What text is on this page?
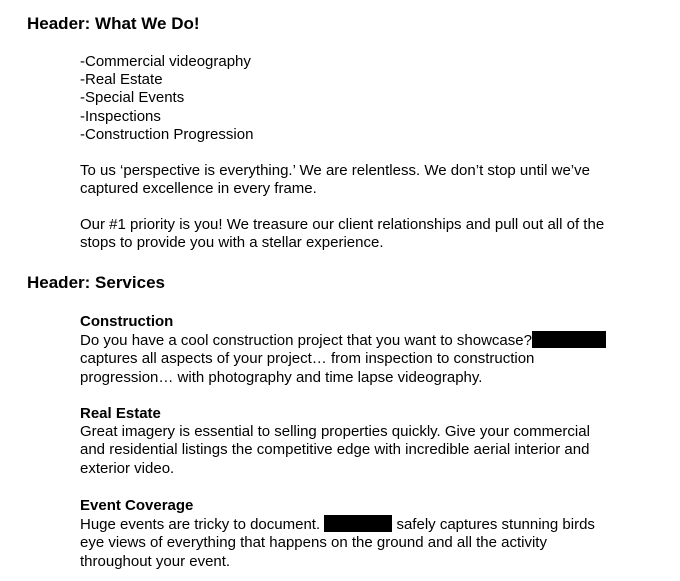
Header: What We Do!
-Commercial videography
-Real Estate
-Special Events
-Inspections
-Construction Progression

To us ‘perspective is everything.’ We are relentless. We don’t stop until we’ve

captured excellence in every frame.

Our #1 priority is you! We treasure our client relationships and pull out all of the

stops to provide you with a stellar experience.

Header: Services

Construction

Do you have a cool construction project that you want to showcase?

captures all aspects of your project… from inspection to construction

progression… with photography and time lapse videography.

Real Estate

Great imagery is essential to selling properties quickly. Give your commercial

and residential listings the competitive edge with incredible aerial interior and

exterior video.

Event Coverage

Huge events are tricky to document.	safely captures stunning birds

eye views of everything that happens on the ground and all the activity

throughout your event.
